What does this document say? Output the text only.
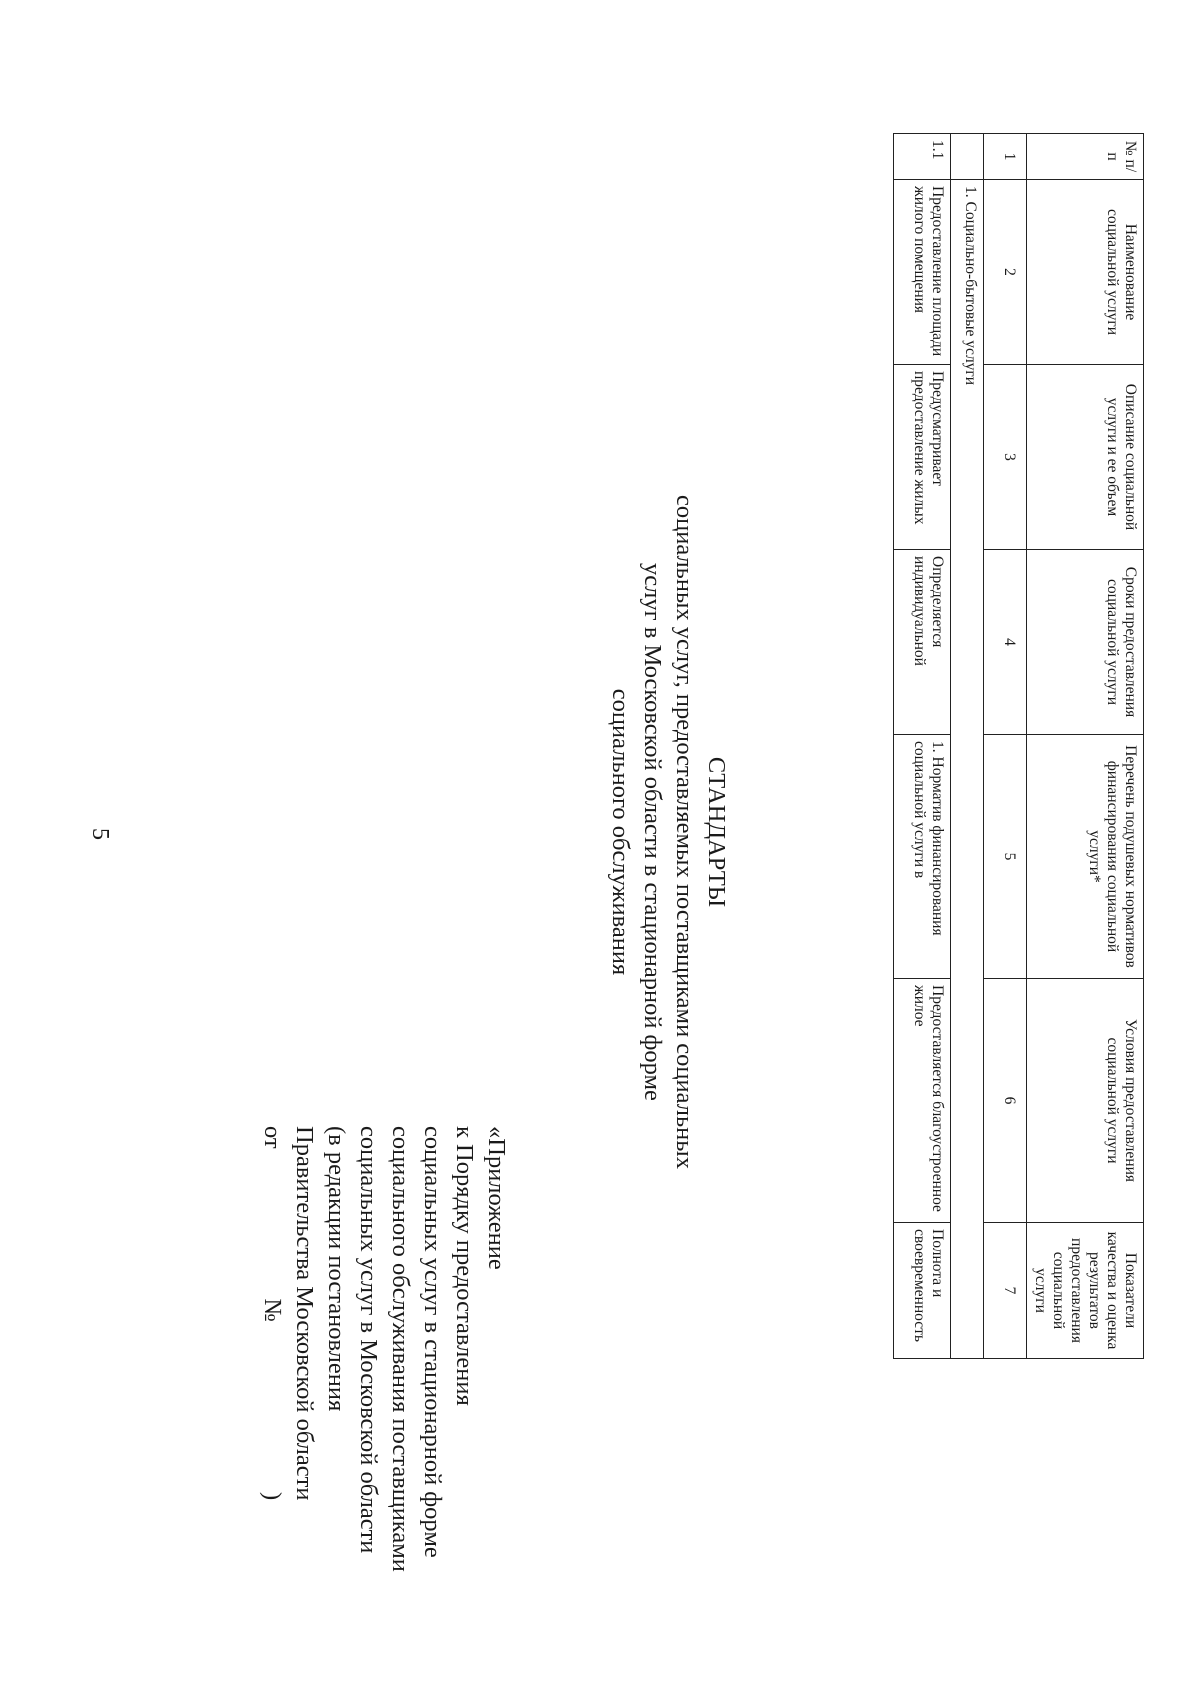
5
«Приложение
к Порядку предоставления
социальных услуг в стационарной форме
социального обслуживания поставщиками
социальных услуг в Московской области
(в редакции постановления
Правительства Московской области
от№)
СТАНДАРТЫ
социальных услуг, предоставляемых поставщиками социальных
услуг в Московской области в стационарной форме
социального обслуживания
№ п/п	Наименование социальной услуги	Описание социальной услуги и ее объем	Сроки предоставления социальной услуги	Перечень подушевых нормативов финансирования социальной услуги*	Условия предоставления социальной услуги	Показатели качества и оценка результатов предоставления социальной услуги
1	2	3	4	5	6	7
	1. Социально-бытовые услуги					
1.1	Предоставление площади жилого помещения	Предусматривает предоставление жилых	Определяется индивидуальной	1. Норматив финансирования социальной услуги в	Предоставляется благоустроенное жилое	Полнота и своевременность
